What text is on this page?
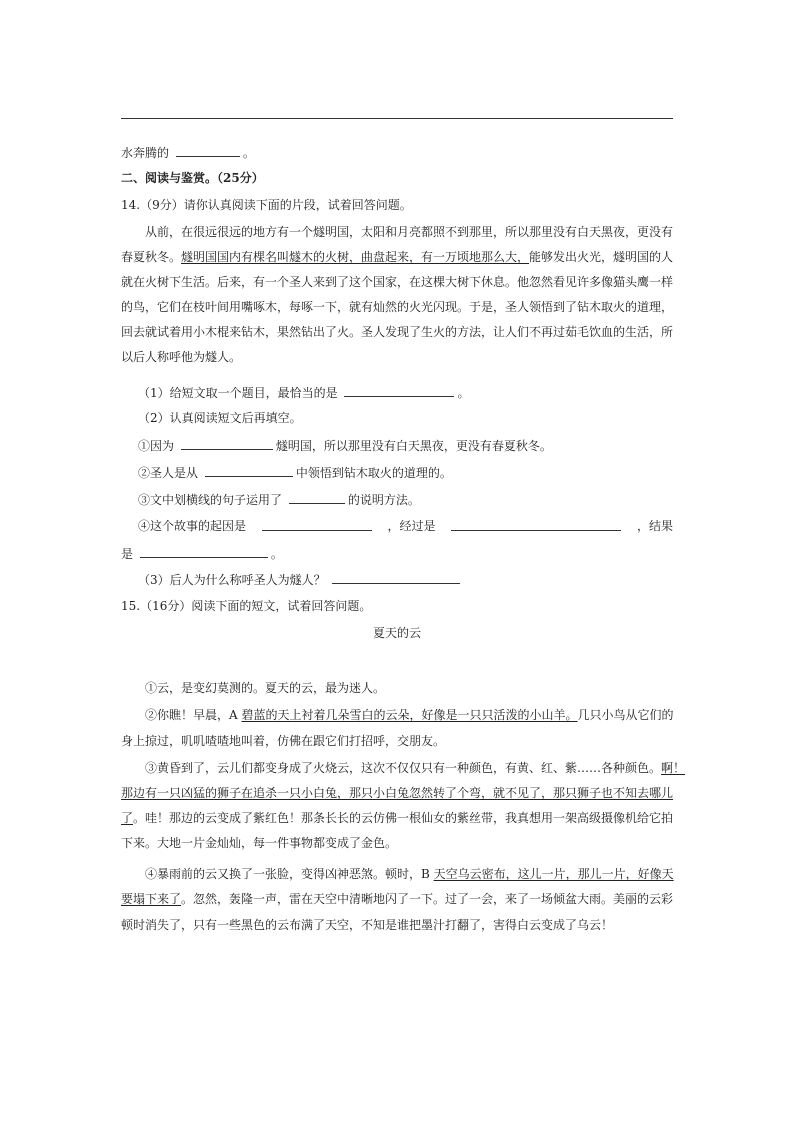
水奔腾的	。
二、阅读与鉴赏。（25分）
14.（9分）请你认真阅读下面的片段，试着回答问题。
从前，在很远很远的地方有一个燧明国，太阳和月亮都照不到那里，所以那里没有白天黑夜，更没有
春夏秋冬。燧明国国内有棵名叫燧木的火树，曲盘起来，有一万顷地那么大，能够发出火光，燧明国的人
就在火树下生活。后来，有一个圣人来到了这个国家，在这棵大树下休息。他忽然看见许多像猫头鹰一样
的鸟，它们在枝叶间用嘴啄木，每啄一下，就有灿然的火光闪现。于是，圣人领悟到了钻木取火的道理，
回去就试着用小木棍来钻木，果然钻出了火。圣人发现了生火的方法，让人们不再过茹毛饮血的生活，所
以后人称呼他为燧人。
（1）给短文取一个题目，最恰当的是	。
（2）认真阅读短文后再填空。
①因为	燧明国，所以那里没有白天黑夜，更没有春夏秋冬。
②圣人是从	中领悟到钻木取火的道理的。
③文中划横线的句子运用了	的说明方法。
④这个故事的起因是	，经过是	，结果
是	。
（3）后人为什么称呼圣人为燧人？
15.（16分）阅读下面的短文，试着回答问题。
夏天的云
①云，是变幻莫测的。夏天的云，最为迷人。
②你瞧！早晨，A 碧蓝的天上衬着几朵雪白的云朵，好像是一只只活泼的小山羊。几只小鸟从它们的
身上掠过，叽叽喳喳地叫着，仿佛在跟它们打招呼，交朋友。
③黄昏到了，云儿们都变身成了火烧云，这次不仅仅只有一种颜色，有黄、红、紫……各种颜色。啊！
那边有一只凶猛的狮子在追杀一只小白兔，那只小白兔忽然转了个弯，就不见了，那只狮子也不知去哪儿
了。哇！那边的云变成了紫红色！那条长长的云仿佛一根仙女的紫丝带，我真想用一架高级摄像机给它拍
下来。大地一片金灿灿，每一件事物都变成了金色。
④暴雨前的云又换了一张脸，变得凶神恶煞。顿时，B 天空乌云密布，这儿一片，那儿一片，好像天
要塌下来了。忽然，轰隆一声，雷在天空中清晰地闪了一下。过了一会，来了一场倾盆大雨。美丽的云彩
顿时消失了，只有一些黑色的云布满了天空，不知是谁把墨汁打翻了，害得白云变成了乌云！
